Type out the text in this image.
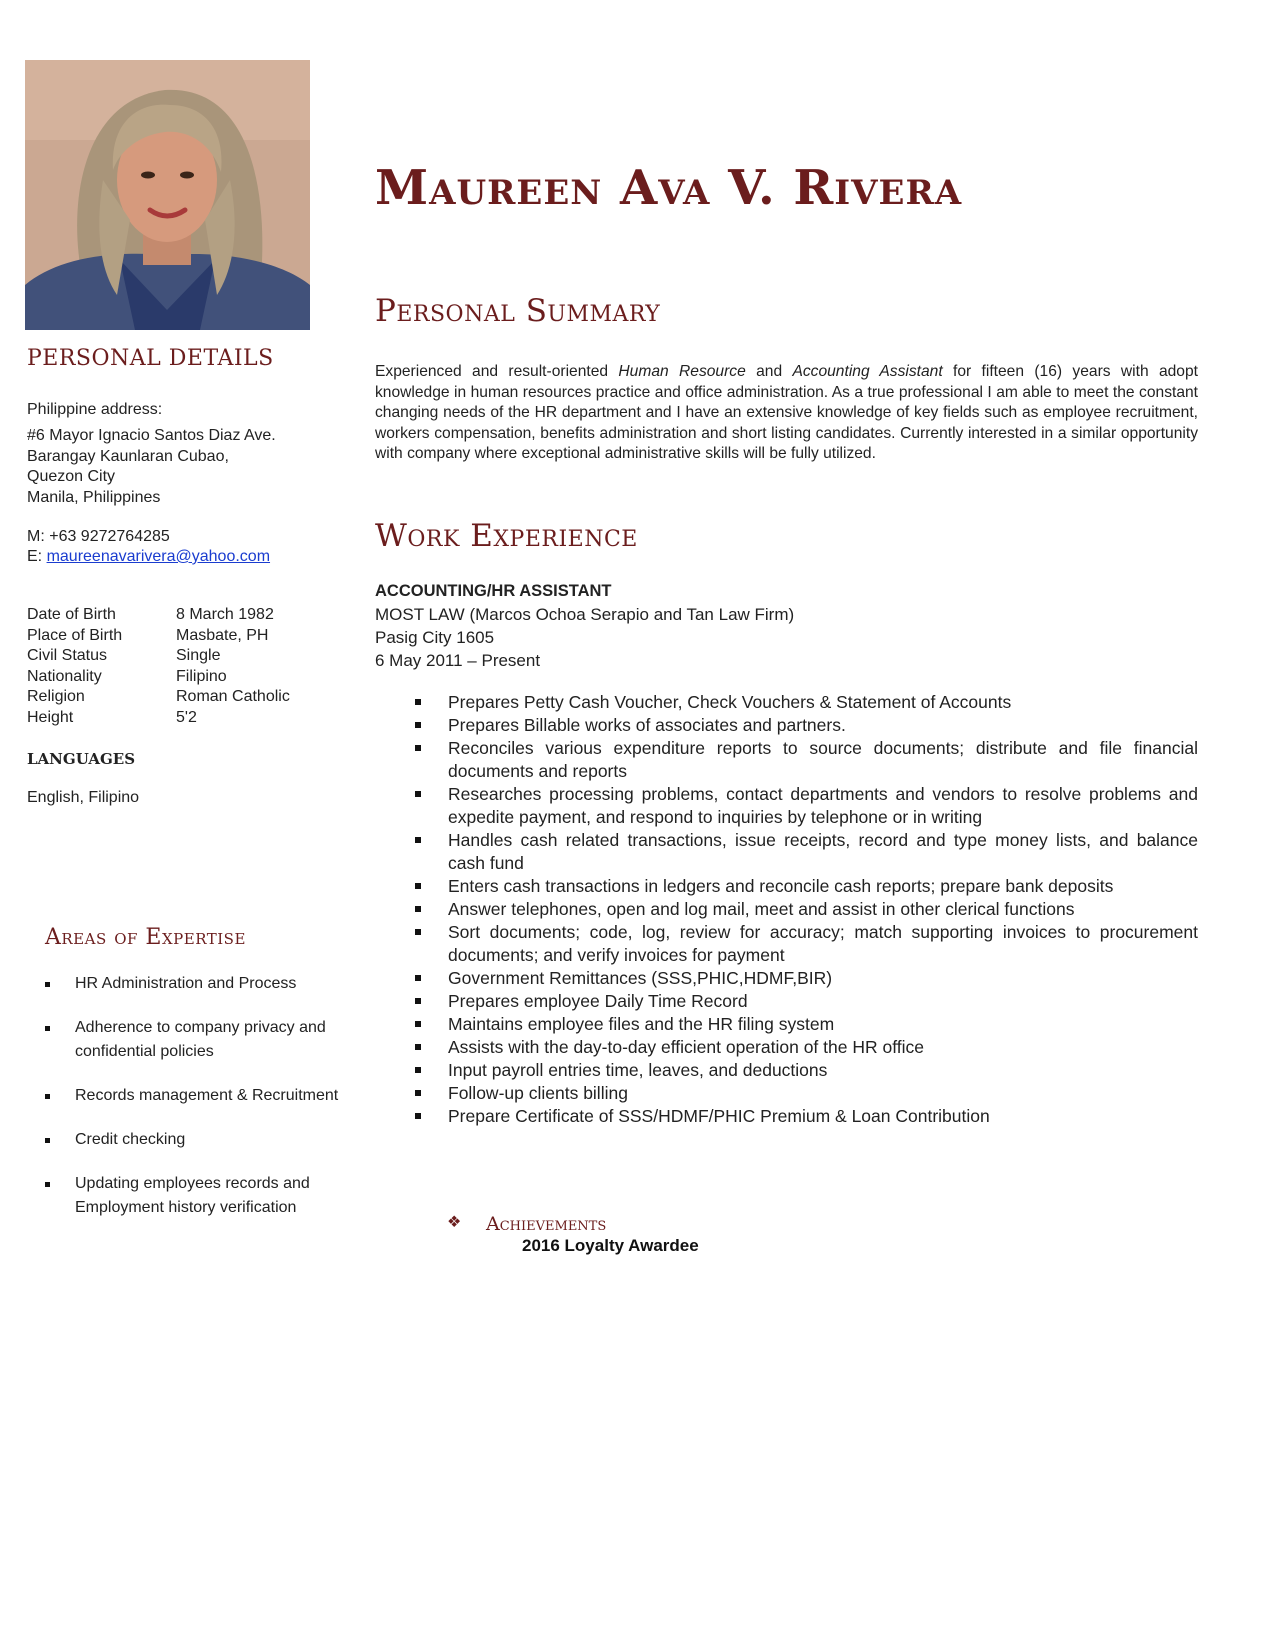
PERSONAL DETAILS
Philippine address:
#6 Mayor Ignacio Santos Diaz Ave.
Barangay Kaunlaran Cubao,
Quezon City
Manila, Philippines
M: +63 9272764285
E: maureenavarivera@yahoo.com
Date of Birth	8 March 1982
Place of Birth	Masbate, PH
Civil Status	Single
Nationality	Filipino
Religion	Roman Catholic
Height	5'2
LANGUAGES
English, Filipino
Areas of Expertise
HR Administration and Process
Adherence to company privacy and confidential policies
Records management & Recruitment
Credit checking
Updating employees records and Employment history verification
Maureen Ava V. Rivera
Personal Summary
Experienced and result-oriented Human Resource and Accounting Assistant for fifteen (16) years with adopt knowledge in human resources practice and office administration. As a true professional I am able to meet the constant changing needs of the HR department and I have an extensive knowledge of key fields such as employee recruitment, workers compensation, benefits administration and short listing candidates. Currently interested in a similar opportunity with company where exceptional administrative skills will be fully utilized.
Work Experience
ACCOUNTING/HR ASSISTANT
MOST LAW (Marcos Ochoa Serapio and Tan Law Firm)
Pasig City 1605
6 May 2011 – Present
Prepares Petty Cash Voucher, Check Vouchers & Statement of Accounts
Prepares Billable works of associates and partners.
Reconciles various expenditure reports to source documents; distribute and file financial documents and reports
Researches processing problems, contact departments and vendors to resolve problems and expedite payment, and respond to inquiries by telephone or in writing
Handles cash related transactions, issue receipts, record and type money lists, and balance cash fund
Enters cash transactions in ledgers and reconcile cash reports; prepare bank deposits
Answer telephones, open and log mail, meet and assist in other clerical functions
Sort documents; code, log, review for accuracy; match supporting invoices to procurement documents; and verify invoices for payment
Government Remittances (SSS,PHIC,HDMF,BIR)
Prepares employee Daily Time Record
Maintains employee files and the HR filing system
Assists with the day-to-day efficient operation of the HR office
Input payroll entries time, leaves, and deductions
Follow-up clients billing
Prepare Certificate of SSS/HDMF/PHIC Premium & Loan Contribution
❖ Achievements
2016 Loyalty Awardee
